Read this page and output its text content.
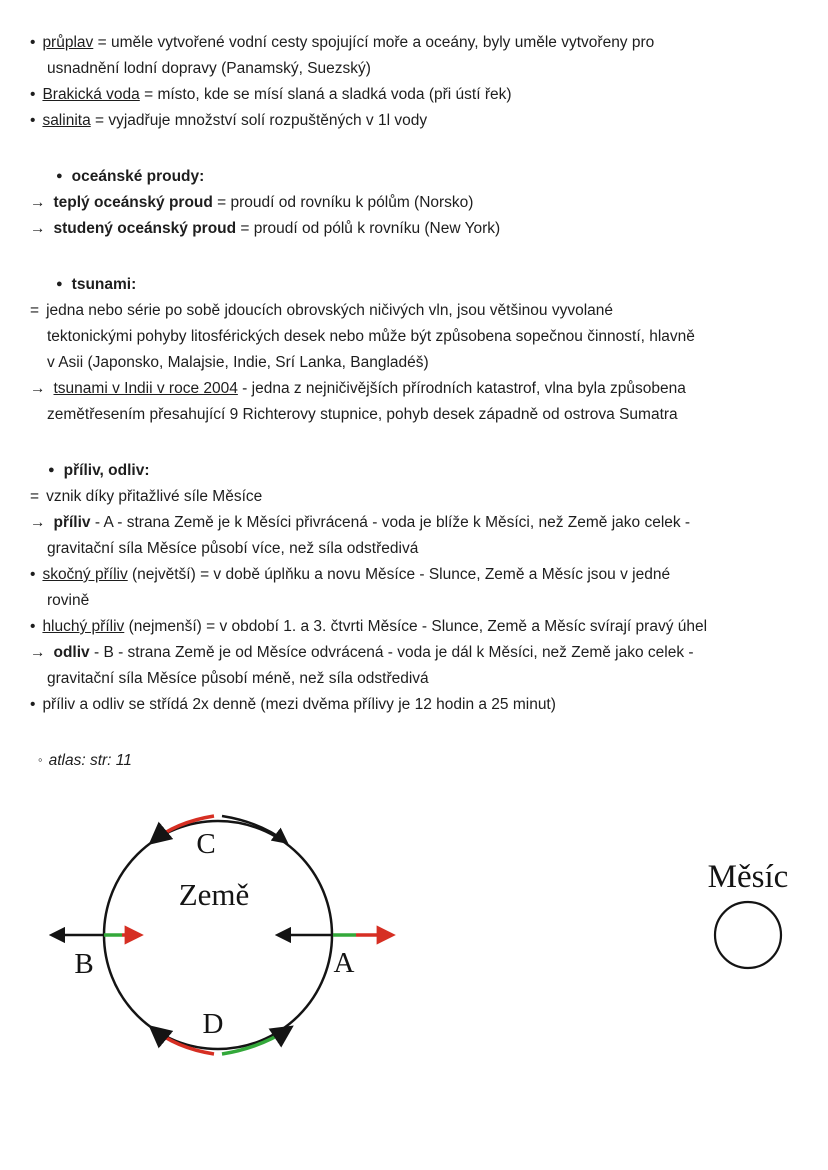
• průplav = uměle vytvořené vodní cesty spojující moře a oceány, byly uměle vytvořeny pro
usnadnění lodní dopravy (Panamský, Suezský)
• Brakická voda = místo, kde se mísí slaná a sladká voda (při ústí řek)
• salinita = vyjadřuje množství solí rozpuštěných v 1l vody
● oceánské proudy:
→ teplý oceánský proud = proudí od rovníku k pólům (Norsko)
→ studený oceánský proud = proudí od pólů k rovníku (New York)
● tsunami:
= jedna nebo série po sobě jdoucích obrovských ničivých vln, jsou většinou vyvolané
tektonickými pohyby litosférických desek nebo může být způsobena sopečnou činností, hlavně
v Asii (Japonsko, Malajsie, Indie, Srí Lanka, Bangladéš)
→ tsunami v Indii v roce 2004 - jedna z nejničivějších přírodních katastrof, vlna byla způsobena
zemětřesením přesahující 9 Richterovy stupnice, pohyb desek západně od ostrova Sumatra
● příliv, odliv:
= vznik díky přitažlivé síle Měsíce
→ příliv - A - strana Země je k Měsíci přivrácená - voda je blíže k Měsíci, než Země jako celek -
gravitační síla Měsíce působí více, než síla odstředivá
• skočný příliv (největší) = v době úplňku a novu Měsíce - Slunce, Země a Měsíc jsou v jedné
rovině
• hluchý příliv (nejmenší) = v období 1. a 3. čtvrti Měsíce - Slunce, Země a Měsíc svírají pravý úhel
→ odliv - B - strana Země je od Měsíce odvrácená - voda je dál k Měsíci, než Země jako celek -
gravitační síla Měsíce působí méně, než síla odstředivá
• příliv a odliv se střídá 2x denně (mezi dvěma přílivy je 12 hodin a 25 minut)
◦ atlas: str: 11
Země
C
D
A
B
Měsíc
